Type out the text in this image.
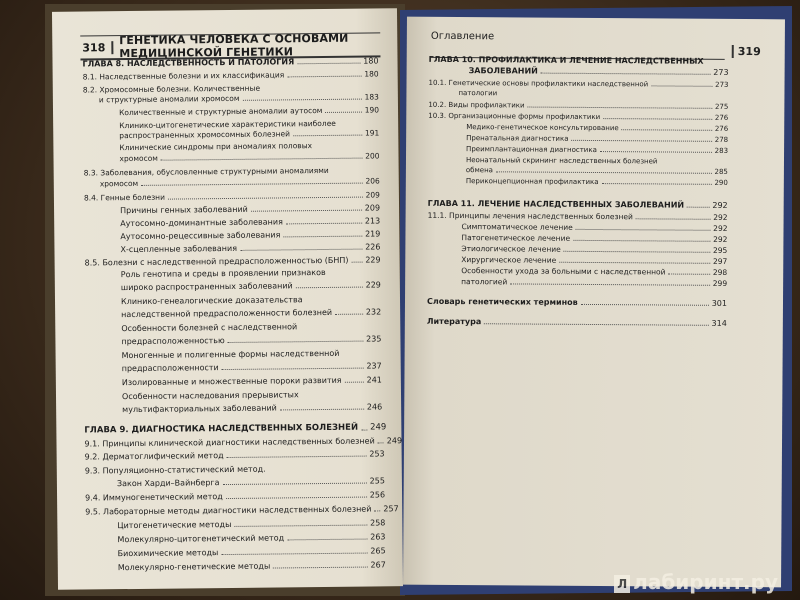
318
ГЕНЕТИКА ЧЕЛОВЕКА С ОСНОВАМИ МЕДИЦИНСКОЙ ГЕНЕТИКИ
ГЛАВА 8. НАСЛЕДСТВЕННОСТЬ И ПАТОЛОГИЯ	180
8.1. Наследственные болезни и их классификация	180
8.2. Хромосомные болезни. Количественные
и структурные аномалии хромосом	183
Количественные и структурные аномалии аутосом	190
Клинико-цитогенетические характеристики наиболее
распространенных хромосомных болезней	191
Клинические синдромы при аномалиях половых
хромосом	200
8.3. Заболевания, обусловленные структурными аномалиями
хромосом	206
8.4. Генные болезни	209
Причины генных заболеваний	209
Аутосомно-доминантные заболевания	213
Аутосомно-рецессивные заболевания	219
Х-сцепленные заболевания	226
8.5. Болезни с наследственной предрасположенностью (БНП) 229
Роль генотипа и среды в проявлении признаков
широко распространенных заболеваний	229
Клинико-генеалогические доказательства
наследственной предрасположенности болезней	232
Особенности болезней с наследственной
предрасположенностью	235
Моногенные и полигенные формы наследственной
предрасположенности	237
Изолированные и множественные пороки развития	241
Особенности наследования прерывистых
мультифакториальных заболеваний	246
ГЛАВА 9. ДИАГНОСТИКА НАСЛЕДСТВЕННЫХ БОЛЕЗНЕЙ 249
9.1. Принципы клинической диагностики наследственных болезней 249
9.2. Дерматоглифический метод	253
9.3. Популяционно-статистический метод.
Закон Харди–Вайнберга	255
9.4. Иммуногенетический метод	256
9.5. Лабораторные методы диагностики наследственных болезней 257
Цитогенетические методы	258
Молекулярно-цитогенетический метод	263
Биохимические методы	265
Молекулярно-генетические методы	267
Оглавление
319
ГЛАВА 10. ПРОФИЛАКТИКА И ЛЕЧЕНИЕ НАСЛЕДСТВЕННЫХ
ЗАБОЛЕВАНИЙ	273
10.1. Генетические основы профилактики наследственной	273
патологии
10.2. Виды профилактики	275
10.3. Организационные формы профилактики	276
Медико-генетическое консультирование	276
Пренатальная диагностика	278
Преимплантационная диагностика	283
Неонатальный скрининг наследственных болезней
обмена	285
Периконцепционная профилактика	290
ГЛАВА 11. ЛЕЧЕНИЕ НАСЛЕДСТВЕННЫХ ЗАБОЛЕВАНИЙ	292
11.1. Принципы лечения наследственных болезней	292
Симптоматическое лечение	292
Патогенетическое лечение	292
Этиологическое лечение	295
Хирургическое лечение	297
Особенности ухода за больными с наследственной	298
патологией	299
Словарь генетических терминов	301
Литература	314
Л лабиринт.ру
